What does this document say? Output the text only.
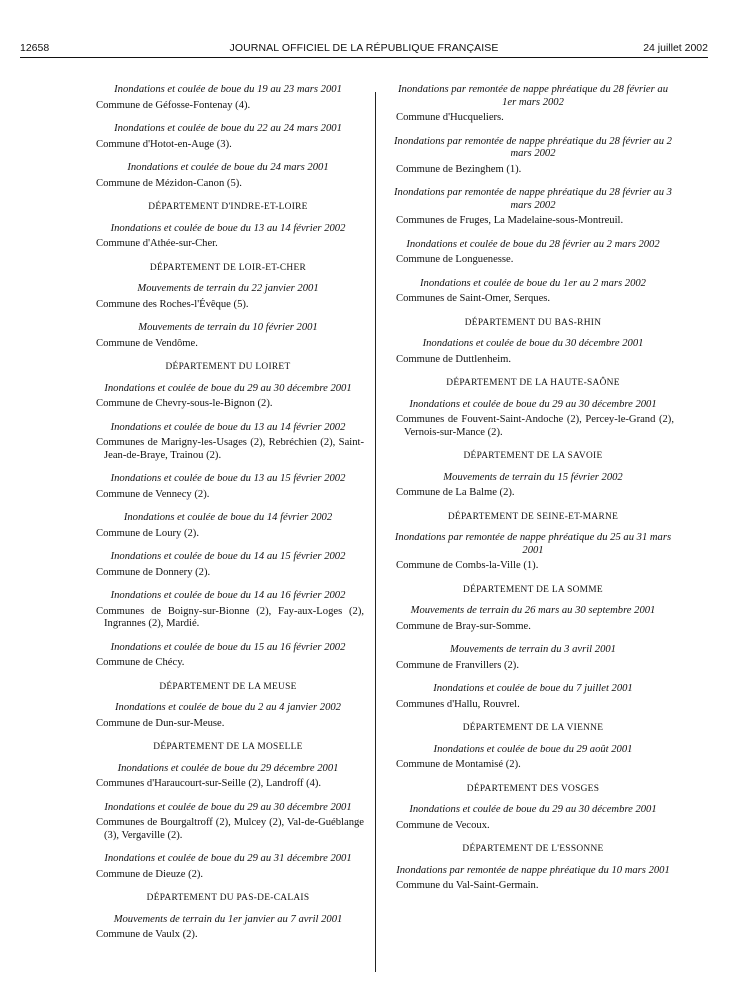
12658	JOURNAL OFFICIEL DE LA RÉPUBLIQUE FRANÇAISE	24 juillet 2002

Inondations et coulée de boue du 19 au 23 mars 2001

Commune de Géfosse-Fontenay (4).

Inondations et coulée de boue du 22 au 24 mars 2001

Commune d'Hotot-en-Auge (3).

Inondations et coulée de boue du 24 mars 2001

Commune de Mézidon-Canon (5).

DÉPARTEMENT D'INDRE-ET-LOIRE

Inondations et coulée de boue du 13 au 14 février 2002

Commune d'Athée-sur-Cher.

DÉPARTEMENT DE LOIR-ET-CHER

Mouvements de terrain du 22 janvier 2001

Commune des Roches-l'Évêque (5).

Mouvements de terrain du 10 février 2001

Commune de Vendôme.

DÉPARTEMENT DU LOIRET

Inondations et coulée de boue du 29 au 30 décembre 2001

Commune de Chevry-sous-le-Bignon (2).

Inondations et coulée de boue du 13 au 14 février 2002

Communes de Marigny-les-Usages (2), Rebréchien (2), Saint-Jean-de-Braye, Trainou (2).

Inondations et coulée de boue du 13 au 15 février 2002

Commune de Vennecy (2).

Inondations et coulée de boue du 14 février 2002

Commune de Loury (2).

Inondations et coulée de boue du 14 au 15 février 2002

Commune de Donnery (2).

Inondations et coulée de boue du 14 au 16 février 2002

Communes de Boigny-sur-Bionne (2), Fay-aux-Loges (2), Ingrannes (2), Mardié.

Inondations et coulée de boue du 15 au 16 février 2002

Commune de Chécy.

DÉPARTEMENT DE LA MEUSE

Inondations et coulée de boue du 2 au 4 janvier 2002

Commune de Dun-sur-Meuse.

DÉPARTEMENT DE LA MOSELLE

Inondations et coulée de boue du 29 décembre 2001

Communes d'Haraucourt-sur-Seille (2), Landroff (4).

Inondations et coulée de boue du 29 au 30 décembre 2001

Communes de Bourgaltroff (2), Mulcey (2), Val-de-Guéblange (3), Vergaville (2).

Inondations et coulée de boue du 29 au 31 décembre 2001

Commune de Dieuze (2).

DÉPARTEMENT DU PAS-DE-CALAIS

Mouvements de terrain du 1er janvier au 7 avril 2001

Commune de Vaulx (2).

Inondations par remontée de nappe phréatique du 28 février au 1er mars 2002

Commune d'Hucqueliers.

Inondations par remontée de nappe phréatique du 28 février au 2 mars 2002

Commune de Bezinghem (1).

Inondations par remontée de nappe phréatique du 28 février au 3 mars 2002

Communes de Fruges, La Madelaine-sous-Montreuil.

Inondations et coulée de boue du 28 février au 2 mars 2002

Commune de Longuenesse.

Inondations et coulée de boue du 1er au 2 mars 2002

Communes de Saint-Omer, Serques.

DÉPARTEMENT DU BAS-RHIN

Inondations et coulée de boue du 30 décembre 2001

Commune de Duttlenheim.

DÉPARTEMENT DE LA HAUTE-SAÔNE

Inondations et coulée de boue du 29 au 30 décembre 2001

Communes de Fouvent-Saint-Andoche (2), Percey-le-Grand (2), Vernois-sur-Mance (2).

DÉPARTEMENT DE LA SAVOIE

Mouvements de terrain du 15 février 2002

Commune de La Balme (2).

DÉPARTEMENT DE SEINE-ET-MARNE

Inondations par remontée de nappe phréatique du 25 au 31 mars 2001

Commune de Combs-la-Ville (1).

DÉPARTEMENT DE LA SOMME

Mouvements de terrain du 26 mars au 30 septembre 2001

Commune de Bray-sur-Somme.

Mouvements de terrain du 3 avril 2001

Commune de Franvillers (2).

Inondations et coulée de boue du 7 juillet 2001

Communes d'Hallu, Rouvrel.

DÉPARTEMENT DE LA VIENNE

Inondations et coulée de boue du 29 août 2001

Commune de Montamisé (2).

DÉPARTEMENT DES VOSGES

Inondations et coulée de boue du 29 au 30 décembre 2001

Commune de Vecoux.

DÉPARTEMENT DE L'ESSONNE

Inondations par remontée de nappe phréatique du 10 mars 2001

Commune du Val-Saint-Germain.
